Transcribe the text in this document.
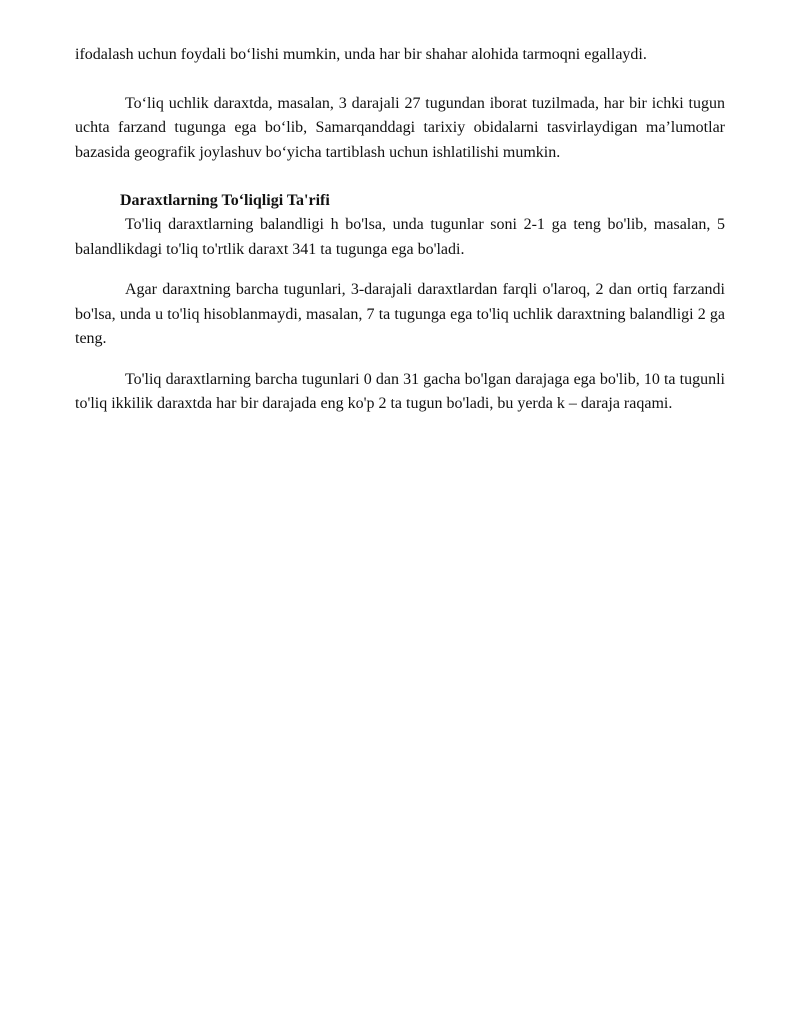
ifodalash uchun foydali bo‘lishi mumkin, unda har bir shahar alohida tarmoqni egallaydi.

To‘liq uchlik daraxtda, masalan, 3 darajali 27 tugundan iborat tuzilmada, har bir ichki tugun uchta farzand tugunga ega bo‘lib, Samarqanddagi tarixiy obidalarni tasvirlaydigan ma’lumotlar bazasida geografik joylashuv bo‘yicha tartiblash uchun ishlatilishi mumkin.

Daraxtlarning To‘liqligi Ta'rifi

To'liq daraxtlarning balandligi h bo'lsa, unda tugunlar soni 2-1 ga teng bo'lib, masalan, 5 balandlikdagi to'liq to'rtlik daraxt 341 ta tugunga ega bo'ladi.

Agar daraxtning barcha tugunlari, 3-darajali daraxtlardan farqli o'laroq, 2 dan ortiq farzandi bo'lsa, unda u to'liq hisoblanmaydi, masalan, 7 ta tugunga ega to'liq uchlik daraxtning balandligi 2 ga teng.

To'liq daraxtlarning barcha tugunlari 0 dan 31 gacha bo'lgan darajaga ega bo'lib, 10 ta tugunli to'liq ikkilik daraxtda har bir darajada eng ko'p 2 ta tugun bo'ladi, bu yerda k – daraja raqami.
